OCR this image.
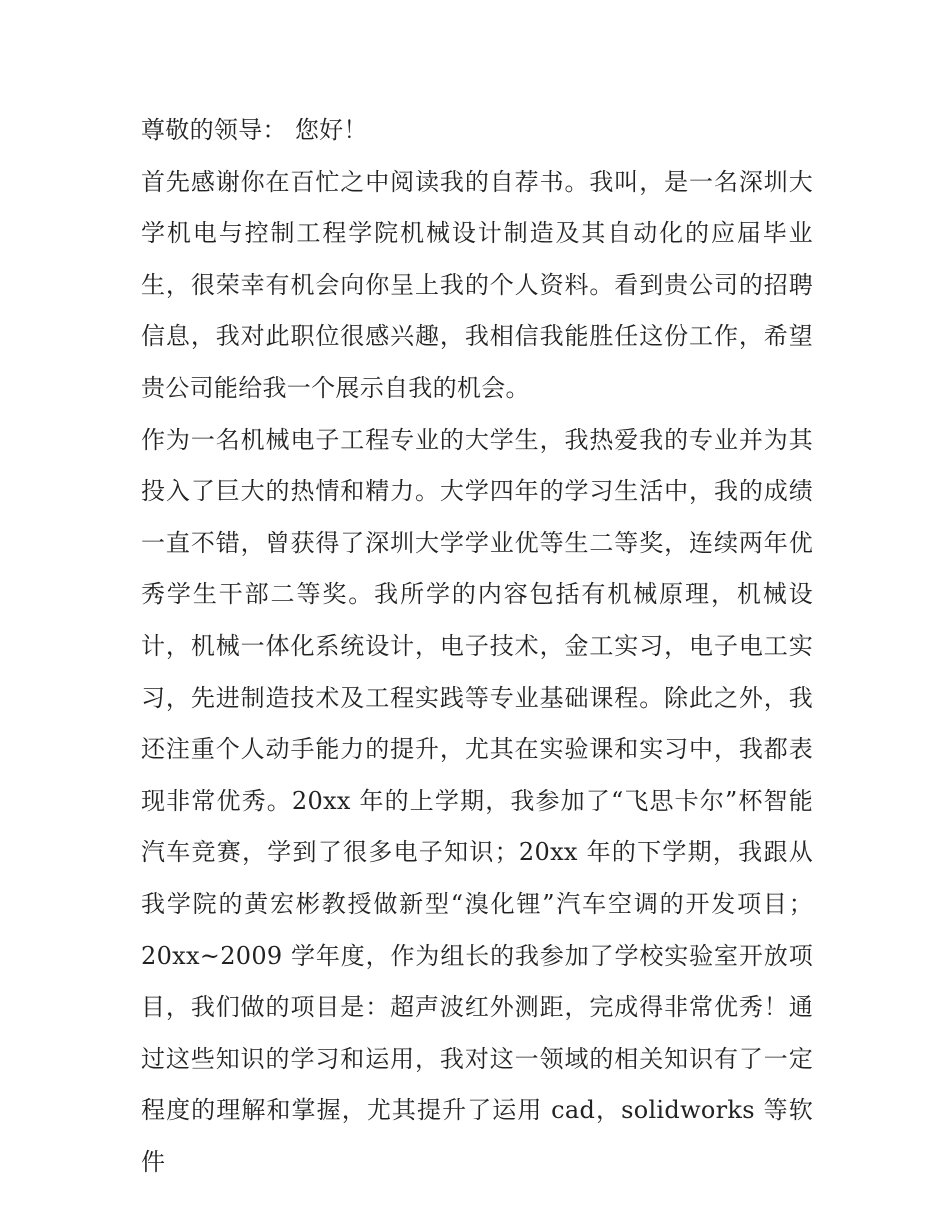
尊敬的领导： 您好！

首先感谢你在百忙之中阅读我的自荐书。我叫，是一名深圳大学机电与控制工程学院机械设计制造及其自动化的应届毕业生，很荣幸有机会向你呈上我的个人资料。看到贵公司的招聘信息，我对此职位很感兴趣，我相信我能胜任这份工作，希望贵公司能给我一个展示自我的机会。

作为一名机械电子工程专业的大学生，我热爱我的专业并为其投入了巨大的热情和精力。大学四年的学习生活中，我的成绩一直不错，曾获得了深圳大学学业优等生二等奖，连续两年优秀学生干部二等奖。我所学的内容包括有机械原理，机械设计，机械一体化系统设计，电子技术，金工实习，电子电工实习，先进制造技术及工程实践等专业基础课程。除此之外，我还注重个人动手能力的提升，尤其在实验课和实习中，我都表现非常优秀。20xx 年的上学期，我参加了“飞思卡尔”杯智能汽车竞赛，学到了很多电子知识；20xx 年的下学期，我跟从我学院的黄宏彬教授做新型“溴化锂”汽车空调的开发项目；20xx~2009 学年度，作为组长的我参加了学校实验室开放项目，我们做的项目是：超声波红外测距，完成得非常优秀！通过这些知识的学习和运用，我对这一领域的相关知识有了一定程度的理解和掌握，尤其提升了运用 cad，solidworks 等软件
